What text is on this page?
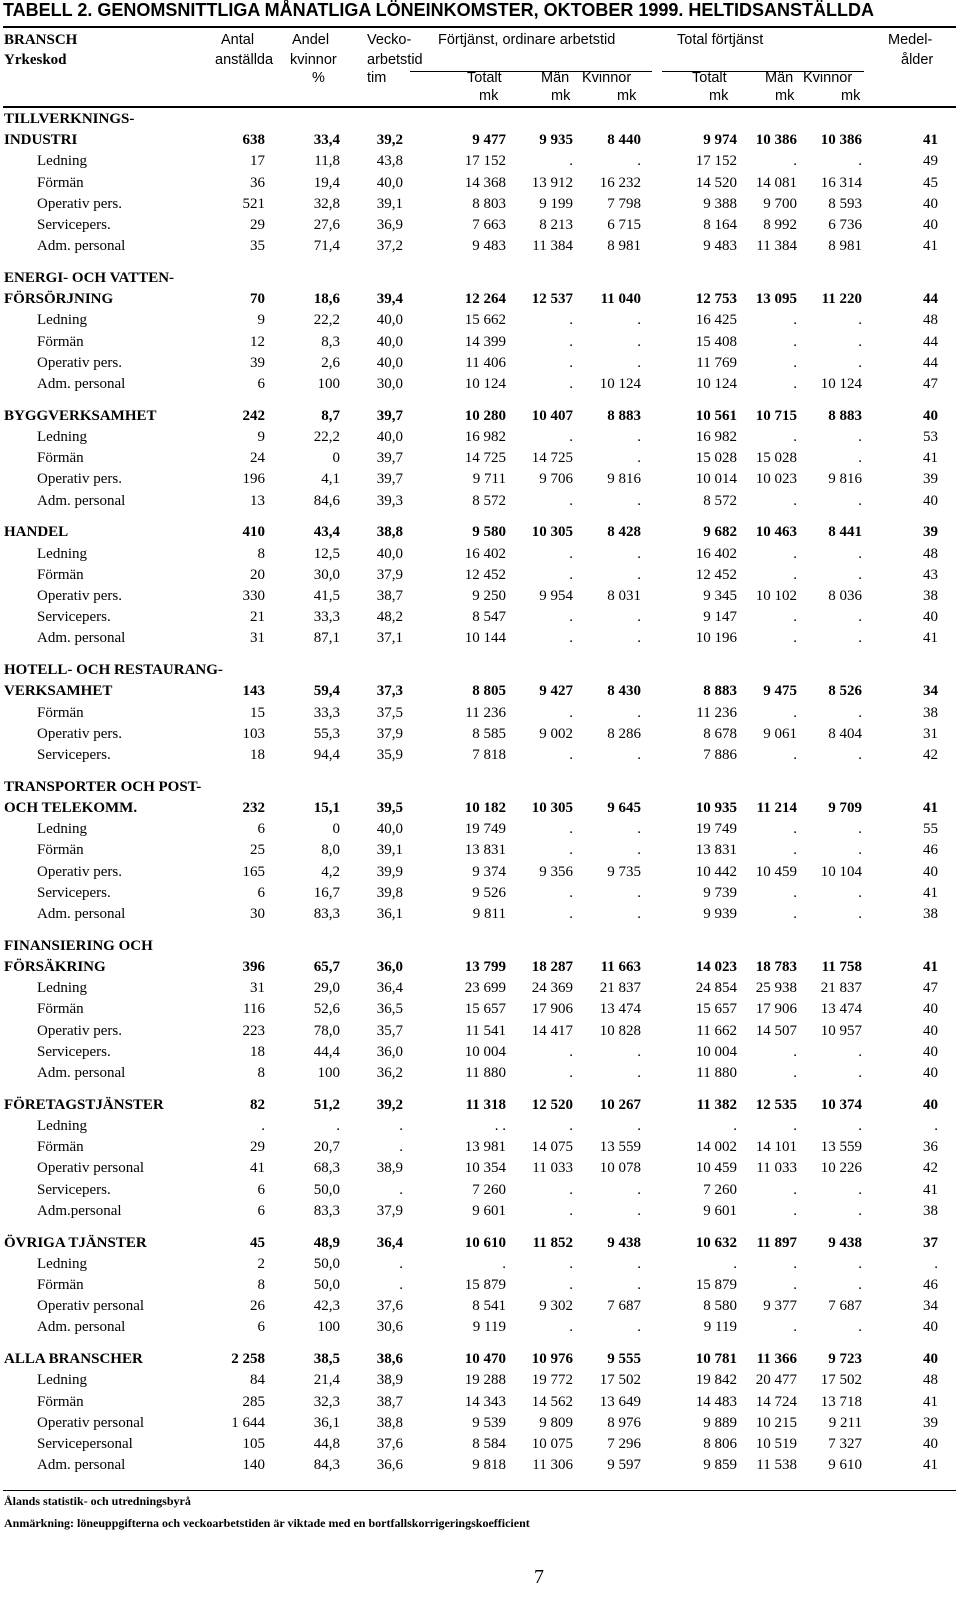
TABELL 2. GENOMSNITTLIGA MÅNATLIGA LÖNEINKOMSTER, OKTOBER 1999. HELTIDSANSTÄLLDA
BRANSCH
Yrkeskod
Antal
anställda
Andel
kvinnor
%
Vecko-
arbetstid
tim
Förtjänst, ordinare arbetstid	Total förtjänst	Medel-
ålder
Totalt	Män Kvinnor	Totalt	Män Kvinnor
mk	mk	mk	mk	mk	mk
TILLVERKNINGS-
INDUSTRI	638	33,4	39,2	9 477	9 935	8 440	9 974	10 386	10 386	41
Ledning	17	11,8	43,8	17 152	.	.	17 152	.	.	49
Förmän	36	19,4	40,0	14 368	13 912	16 232	14 520	14 081	16 314	45
Operativ pers.	521	32,8	39,1	8 803	9 199	7 798	9 388	9 700	8 593	40
Servicepers.	29	27,6	36,9	7 663	8 213	6 715	8 164	8 992	6 736	40
Adm. personal	35	71,4	37,2	9 483	11 384	8 981	9 483	11 384	8 981	41
ENERGI- OCH VATTEN-
FÖRSÖRJNING	70	18,6	39,4	12 264	12 537	11 040	12 753	13 095	11 220	44
Ledning	9	22,2	40,0	15 662	.	.	16 425	.	.	48
Förmän	12	8,3	40,0	14 399	.	.	15 408	.	.	44
Operativ pers.	39	2,6	40,0	11 406	.	.	11 769	.	.	44
Adm. personal	6	100	30,0	10 124	.	10 124	10 124	.	10 124	47
BYGGVERKSAMHET	242	8,7	39,7	10 280	10 407	8 883	10 561	10 715	8 883	40
Ledning	9	22,2	40,0	16 982	.	.	16 982	.	.	53
Förmän	24	0	39,7	14 725	14 725	.	15 028	15 028	.	41
Operativ pers.	196	4,1	39,7	9 711	9 706	9 816	10 014	10 023	9 816	39
Adm. personal	13	84,6	39,3	8 572	.	.	8 572	.	.	40
HANDEL	410	43,4	38,8	9 580	10 305	8 428	9 682	10 463	8 441	39
Ledning	8	12,5	40,0	16 402	.	.	16 402	.	.	48
Förmän	20	30,0	37,9	12 452	.	.	12 452	.	.	43
Operativ pers.	330	41,5	38,7	9 250	9 954	8 031	9 345	10 102	8 036	38
Servicepers.	21	33,3	48,2	8 547	.	.	9 147	.	.	40
Adm. personal	31	87,1	37,1	10 144	.	.	10 196	.	.	41
HOTELL- OCH RESTAURANG-
VERKSAMHET	143	59,4	37,3	8 805	9 427	8 430	8 883	9 475	8 526	34
Förmän	15	33,3	37,5	11 236	.	.	11 236	.	.	38
Operativ pers.	103	55,3	37,9	8 585	9 002	8 286	8 678	9 061	8 404	31
Servicepers.	18	94,4	35,9	7 818	.	.	7 886	.	.	42
TRANSPORTER OCH POST-
OCH TELEKOMM.	232	15,1	39,5	10 182	10 305	9 645	10 935	11 214	9 709	41
Ledning	6	0	40,0	19 749	.	.	19 749	.	.	55
Förmän	25	8,0	39,1	13 831	.	.	13 831	.	.	46
Operativ pers.	165	4,2	39,9	9 374	9 356	9 735	10 442	10 459	10 104	40
Servicepers.	6	16,7	39,8	9 526	.	.	9 739	.	.	41
Adm. personal	30	83,3	36,1	9 811	.	.	9 939	.	.	38
FINANSIERING OCH
FÖRSÄKRING	396	65,7	36,0	13 799	18 287	11 663	14 023	18 783	11 758	41
Ledning	31	29,0	36,4	23 699	24 369	21 837	24 854	25 938	21 837	47
Förmän	116	52,6	36,5	15 657	17 906	13 474	15 657	17 906	13 474	40
Operativ pers.	223	78,0	35,7	11 541	14 417	10 828	11 662	14 507	10 957	40
Servicepers.	18	44,4	36,0	10 004	.	.	10 004	.	.	40
Adm. personal	8	100	36,2	11 880	.	.	11 880	.	.	40
FÖRETAGSTJÄNSTER	82	51,2	39,2	11 318	12 520	10 267	11 382	12 535	10 374	40
Ledning	.	.	.	. .	.	.	.	.	.	.
Förmän	29	20,7	.	13 981	14 075	13 559	14 002	14 101	13 559	36
Operativ personal	41	68,3	38,9	10 354	11 033	10 078	10 459	11 033	10 226	42
Servicepers.	6	50,0	.	7 260	.	.	7 260	.	.	41
Adm.personal	6	83,3	37,9	9 601	.	.	9 601	.	.	38
ÖVRIGA TJÄNSTER	45	48,9	36,4	10 610	11 852	9 438	10 632	11 897	9 438	37
Ledning	2	50,0	.	.	.	.	.	.	.	.
Förmän	8	50,0	.	15 879	.	.	15 879	.	.	46
Operativ personal	26	42,3	37,6	8 541	9 302	7 687	8 580	9 377	7 687	34
Adm. personal	6	100	30,6	9 119	.	.	9 119	.	.	40
ALLA BRANSCHER	2 258	38,5	38,6	10 470	10 976	9 555	10 781	11 366	9 723	40
Ledning	84	21,4	38,9	19 288	19 772	17 502	19 842	20 477	17 502	48
Förmän	285	32,3	38,7	14 343	14 562	13 649	14 483	14 724	13 718	41
Operativ personal	1 644	36,1	38,8	9 539	9 809	8 976	9 889	10 215	9 211	39
Servicepersonal	105	44,8	37,6	8 584	10 075	7 296	8 806	10 519	7 327	40
Adm. personal	140	84,3	36,6	9 818	11 306	9 597	9 859	11 538	9 610	41
Ålands statistik- och utredningsbyrå
Anmärkning: löneuppgifterna och veckoarbetstiden är viktade med en bortfallskorrigeringskoefficient
7
